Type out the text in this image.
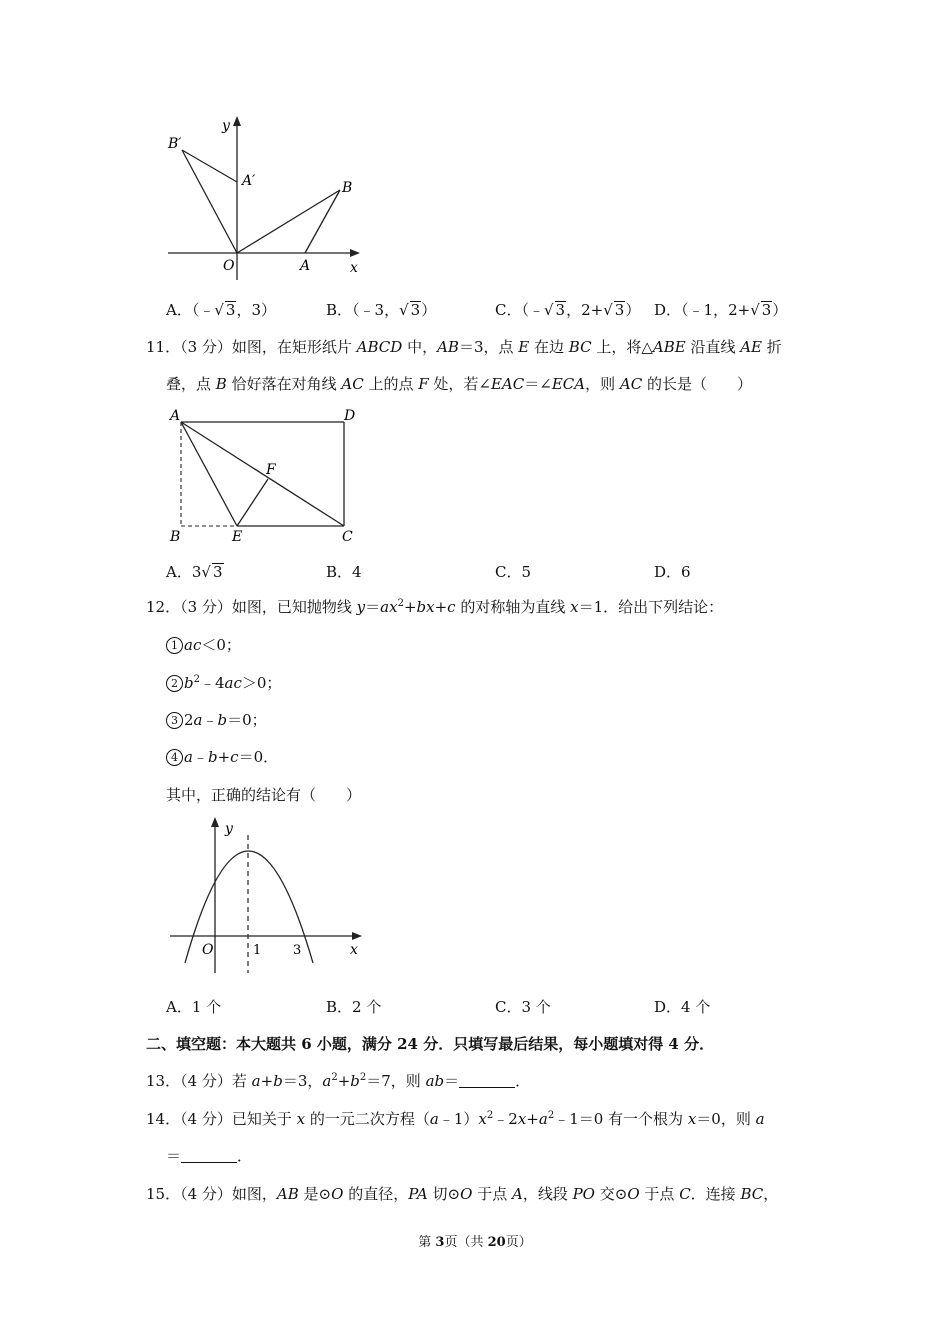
y
x
O	A
B
A′
B′
A．（﹣√ 3，3）	B．（﹣3，√ 3）	C．（﹣√ 3，2+√ 3） D．（﹣1，2+√ 3）
11．（3 分）如图，在矩形纸片 ABCD 中，AB＝3，点 E 在边 BC 上，将△ABE 沿直线 AE 折
叠，点 B 恰好落在对角线 AC 上的点 F 处，若∠EAC＝∠ECA，则 AC 的长是（　　）
A	D
B	E	C
F
A．3√ 3	B．4	C．5	D．6
12．（3 分）如图，已知抛物线 $y=ax^2+bx+c$ 的对称轴为直线 x＝1．给出下列结论：
1 ac＜0；
2 $b^2﹣4ac>0$；
3 2a﹣b＝0；
4 a﹣b+c＝0．
其中，正确的结论有（　　）
y
x
O	1 3
A．1 个	B．2 个	C．3 个	D．4 个
二、填空题：本大题共 6 小题，满分 24 分．只填写最后结果，每小题填对得 4 分．
13．（4 分）若 a+b＝3，$a^2+b^2=7$，则 ab＝	．
14．（4 分）已知关于 x 的一元二次方程$(a﹣1)x^2﹣2x+a^2﹣1=0$ 有一个根为 x＝0，则 a
＝	．
15．（4 分）如图，AB 是⊙O 的直径，PA 切⊙O 于点 A，线段 PO 交⊙O 于点 C．连接 BC，
第 3页（共 20页）
